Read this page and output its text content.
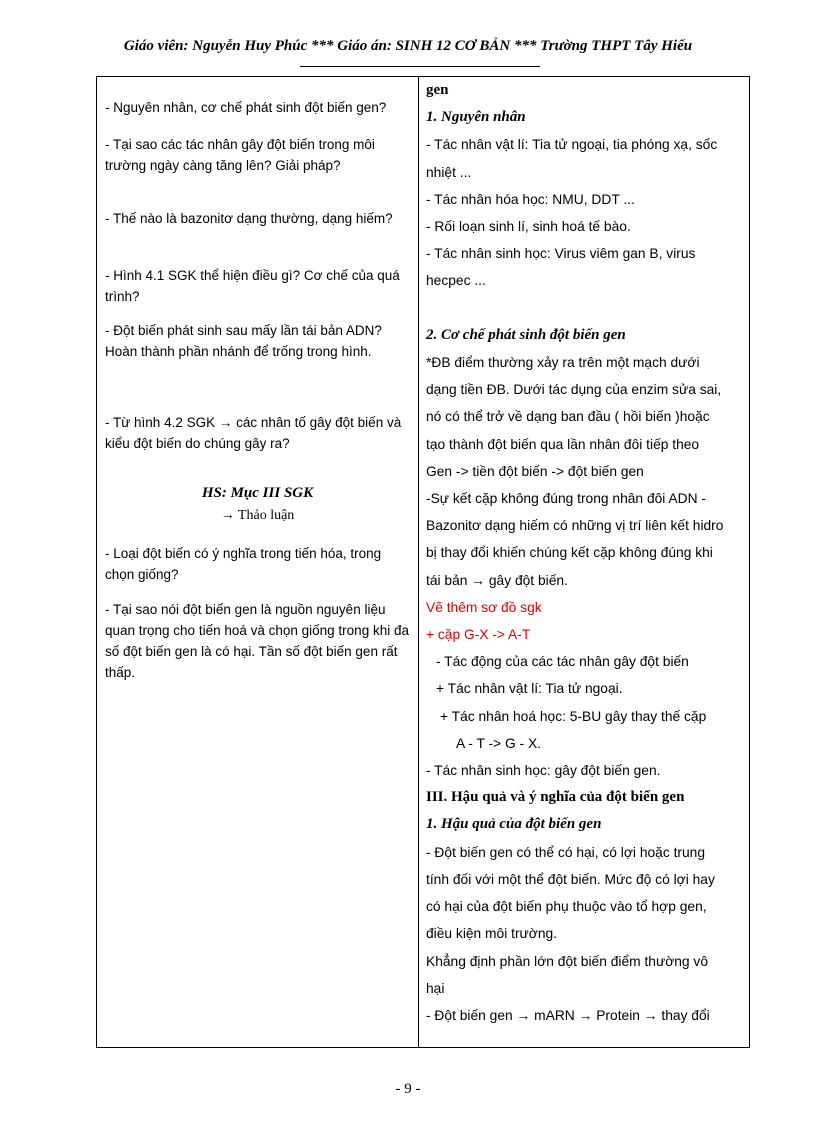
Giáo viên: Nguyễn Huy Phúc *** Giáo án: SINH 12 CƠ BẢN *** Trường THPT Tây Hiếu

- Nguyên nhân, cơ chế phát sinh đột biến gen?

- Tại sao các tác nhân gây đột biến trong môi trường ngày càng tăng lên? Giải pháp?

- Thế nào là bazonitơ dạng thường, dạng hiếm?

- Hình 4.1 SGK thể hiện điều gì? Cơ chế của quá trình?

- Đột biến phát sinh sau mấy lần tái bản ADN? Hoàn thành phần nhánh để trống trong hình.

- Từ hình 4.2 SGK → các nhân tố gây đột biến và kiểu đột biến do chúng gây ra?

HS: Mục III SGK
→ Thảo luận

- Loại đột biến có ý nghĩa trong tiến hóa, trong chọn giống?

- Tại sao nói đột biến gen là nguồn nguyên liệu quan trọng cho tiến hoá và chọn giống trong khi đa số đột biến gen là có hại. Tần số đột biến gen rất thấp.

gen

1. Nguyên nhân

- Tác nhân vật lí: Tia tử ngoại, tia phóng xạ, sốc

nhiệt ...

- Tác nhân hóa học: NMU, DDT ...

- Rối loạn sinh lí, sinh hoá tế bào.

- Tác nhân sinh học: Virus viêm gan B, virus

hecpec ...

2. Cơ chế phát sinh đột biến gen

*ĐB điểm thường xảy ra trên một mạch dưới

dạng tiền ĐB. Dưới tác dụng của enzim sửa sai,

nó có thể trở về dạng ban đầu ( hồi biến )hoặc

tạo thành đột biến qua lần nhân đôi tiếp theo

Gen -> tiền đột biến -> đột biến gen

-Sự kết cặp không đúng trong nhân đôi ADN -

Bazonitơ dạng hiếm có những vị trí liên kết hidro

bị thay đổi khiến chúng kết cặp không đúng khi

tái bản → gây đột biến.

Vẽ thêm sơ đồ sgk

+ cặp G-X -> A-T

- Tác động của các tác nhân gây đột biến

+ Tác nhân vật lí: Tia tử ngoại.

+ Tác nhân hoá học: 5-BU gây thay thế cặp

A - T -> G - X.

- Tác nhân sinh học: gây đột biến gen.

III. Hậu quả và ý nghĩa của đột biến gen

1. Hậu quả của đột biến gen

- Đột biến gen có thể có hại, có lợi hoặc trung

tính đối với một thể đột biến. Mức độ có lợi hay

có hại của đột biến phụ thuộc vào tổ hợp gen,

điều kiện môi trường.

Khẳng định phần lớn đột biến điểm thường vô

hại

- Đột biến gen → mARN → Protein → thay đổi

- 9 -
